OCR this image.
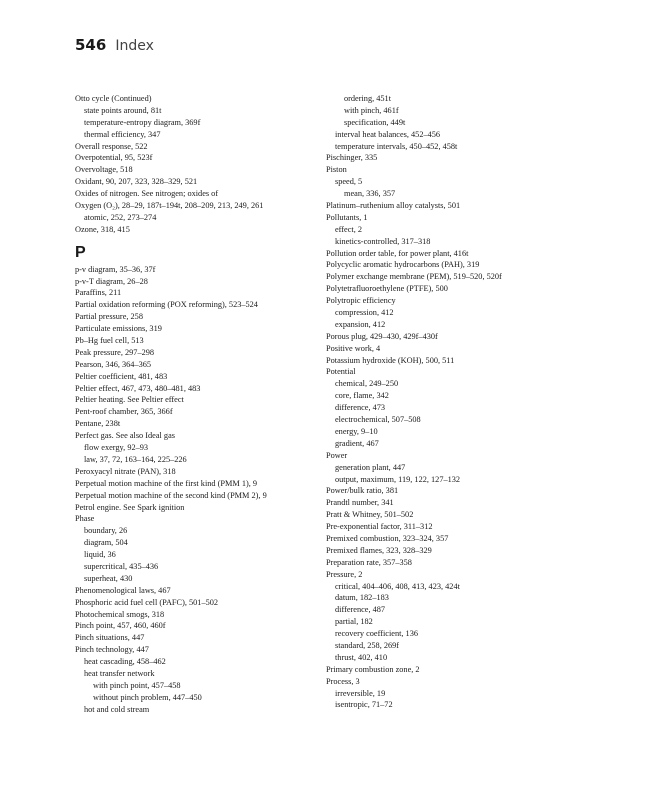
546 Index
Otto cycle (Continued)
state points around, 81t
temperature-entropy diagram, 369f
thermal efficiency, 347
Overall response, 522
Overpotential, 95, 523f
Overvoltage, 518
Oxidant, 90, 207, 323, 328–329, 521
Oxides of nitrogen. See nitrogen; oxides of
Oxygen (O₂), 28–29, 187t–194t, 208–209, 213, 249, 261
atomic, 252, 273–274
Ozone, 318, 415
P
p-v diagram, 35–36, 37f
p-v-T diagram, 26–28
Paraffins, 211
Partial oxidation reforming (POX reforming), 523–524
Partial pressure, 258
Particulate emissions, 319
Pb–Hg fuel cell, 513
Peak pressure, 297–298
Pearson, 346, 364–365
Peltier coefficient, 481, 483
Peltier effect, 467, 473, 480–481, 483
Peltier heating. See Peltier effect
Pent-roof chamber, 365, 366f
Pentane, 238t
Perfect gas. See also Ideal gas
flow exergy, 92–93
law, 37, 72, 163–164, 225–226
Peroxyacyl nitrate (PAN), 318
Perpetual motion machine of the first kind (PMM 1), 9
Perpetual motion machine of the second kind (PMM 2), 9
Petrol engine. See Spark ignition
Phase
boundary, 26
diagram, 504
liquid, 36
supercritical, 435–436
superheat, 430
Phenomenological laws, 467
Phosphoric acid fuel cell (PAFC), 501–502
Photochemical smogs, 318
Pinch point, 457, 460, 460f
Pinch situations, 447
Pinch technology, 447
heat cascading, 458–462
heat transfer network
with pinch point, 457–458
without pinch problem, 447–450
hot and cold stream
ordering, 451t
with pinch, 461f
specification, 449t
interval heat balances, 452–456
temperature intervals, 450–452, 458t
Pischinger, 335
Piston
speed, 5
mean, 336, 357
Platinum–ruthenium alloy catalysts, 501
Pollutants, 1
effect, 2
kinetics-controlled, 317–318
Pollution order table, for power plant, 416t
Polycyclic aromatic hydrocarbons (PAH), 319
Polymer exchange membrane (PEM), 519–520, 520f
Polytetrafluoroethylene (PTFE), 500
Polytropic efficiency
compression, 412
expansion, 412
Porous plug, 429–430, 429f–430f
Positive work, 4
Potassium hydroxide (KOH), 500, 511
Potential
chemical, 249–250
core, flame, 342
difference, 473
electrochemical, 507–508
energy, 9–10
gradient, 467
Power
generation plant, 447
output, maximum, 119, 122, 127–132
Power/bulk ratio, 381
Prandtl number, 341
Pratt & Whitney, 501–502
Pre-exponential factor, 311–312
Premixed combustion, 323–324, 357
Premixed flames, 323, 328–329
Preparation rate, 357–358
Pressure, 2
critical, 404–406, 408, 413, 423, 424t
datum, 182–183
difference, 487
partial, 182
recovery coefficient, 136
standard, 258, 269f
thrust, 402, 410
Primary combustion zone, 2
Process, 3
irreversible, 19
isentropic, 71–72
